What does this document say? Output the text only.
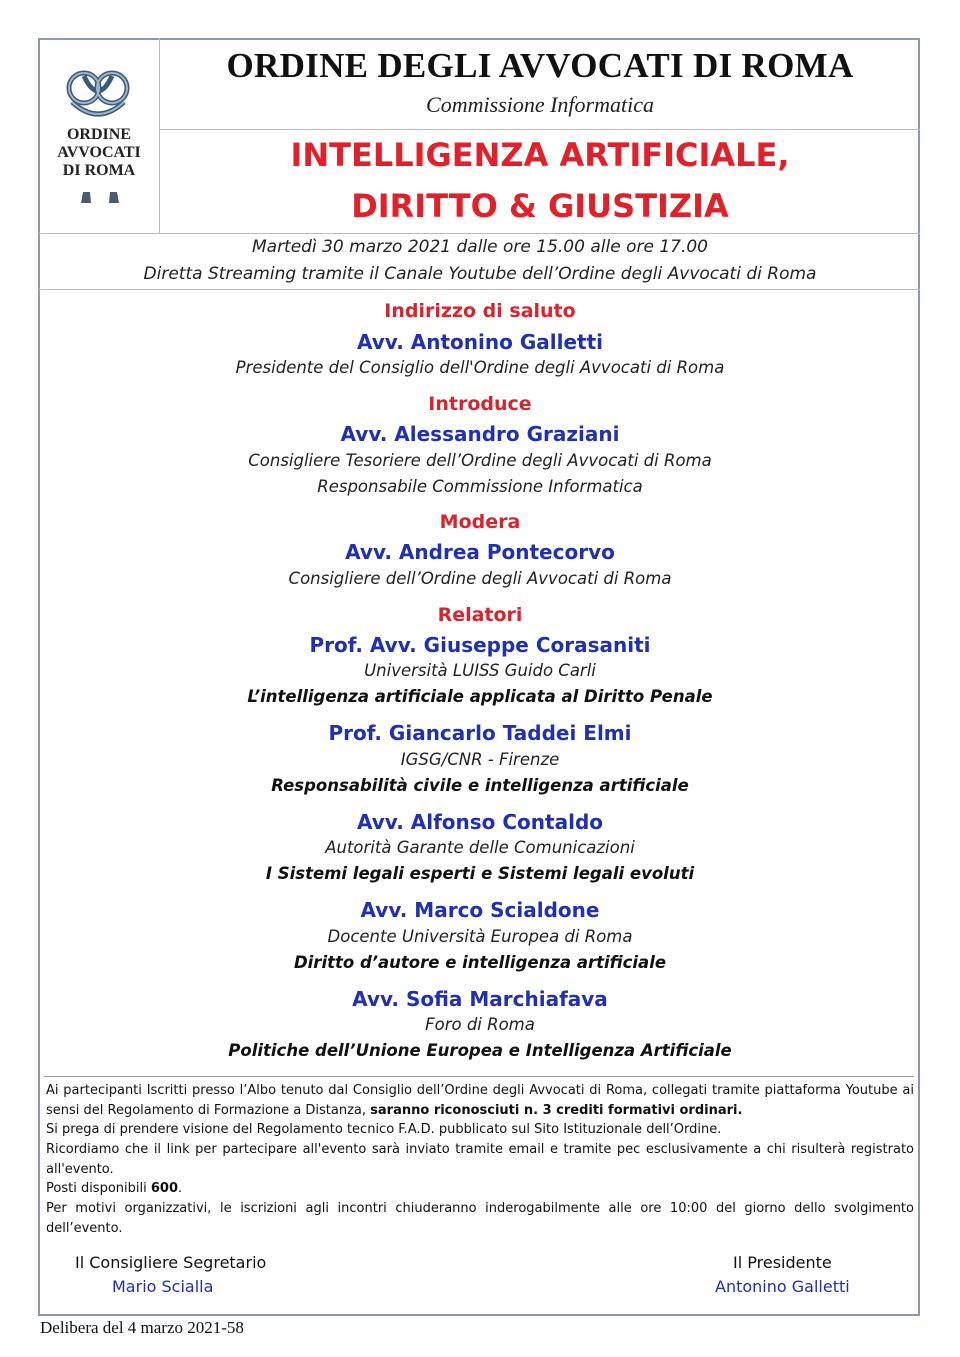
ORDINE
AVVOCATI
DI ROMA
ORDINE DEGLI AVVOCATI DI ROMA
Commissione Informatica
INTELLIGENZA ARTIFICIALE,
DIRITTO & GIUSTIZIA
Martedì 30 marzo 2021 dalle ore 15.00 alle ore 17.00
Diretta Streaming tramite il Canale Youtube dell’Ordine degli Avvocati di Roma
Indirizzo di saluto
Avv. Antonino Galletti
Presidente del Consiglio dell'Ordine degli Avvocati di Roma
Introduce
Avv. Alessandro Graziani
Consigliere Tesoriere dell’Ordine degli Avvocati di Roma
Responsabile Commissione Informatica
Modera
Avv. Andrea Pontecorvo
Consigliere dell’Ordine degli Avvocati di Roma
Relatori
Prof. Avv. Giuseppe Corasaniti
Università LUISS Guido Carli
L’intelligenza artificiale applicata al Diritto Penale
Prof. Giancarlo Taddei Elmi
IGSG/CNR - Firenze
Responsabilità civile e intelligenza artificiale
Avv. Alfonso Contaldo
Autorità Garante delle Comunicazioni
I Sistemi legali esperti e Sistemi legali evoluti
Avv. Marco Scialdone
Docente Università Europea di Roma
Diritto d’autore e intelligenza artificiale
Avv. Sofia Marchiafava
Foro di Roma
Politiche dell’Unione Europea e Intelligenza Artificiale
Ai partecipanti Iscritti presso l’Albo tenuto dal Consiglio dell’Ordine degli Avvocati di Roma, collegati tramite piattaforma Youtube ai sensi del Regolamento di Formazione a Distanza, saranno riconosciuti n. 3 crediti formativi ordinari.
Si prega di prendere visione del Regolamento tecnico F.A.D. pubblicato sul Sito Istituzionale dell’Ordine.
Ricordiamo che il link per partecipare all'evento sarà inviato tramite email e tramite pec esclusivamente a chi risulterà registrato all'evento.
Posti disponibili 600.
Per motivi organizzativi, le iscrizioni agli incontri chiuderanno inderogabilmente alle ore 10:00 del giorno dello svolgimento dell’evento.
Il Consigliere Segretario
Mario Scialla
Il Presidente
Antonino Galletti
Delibera del 4 marzo 2021-58
